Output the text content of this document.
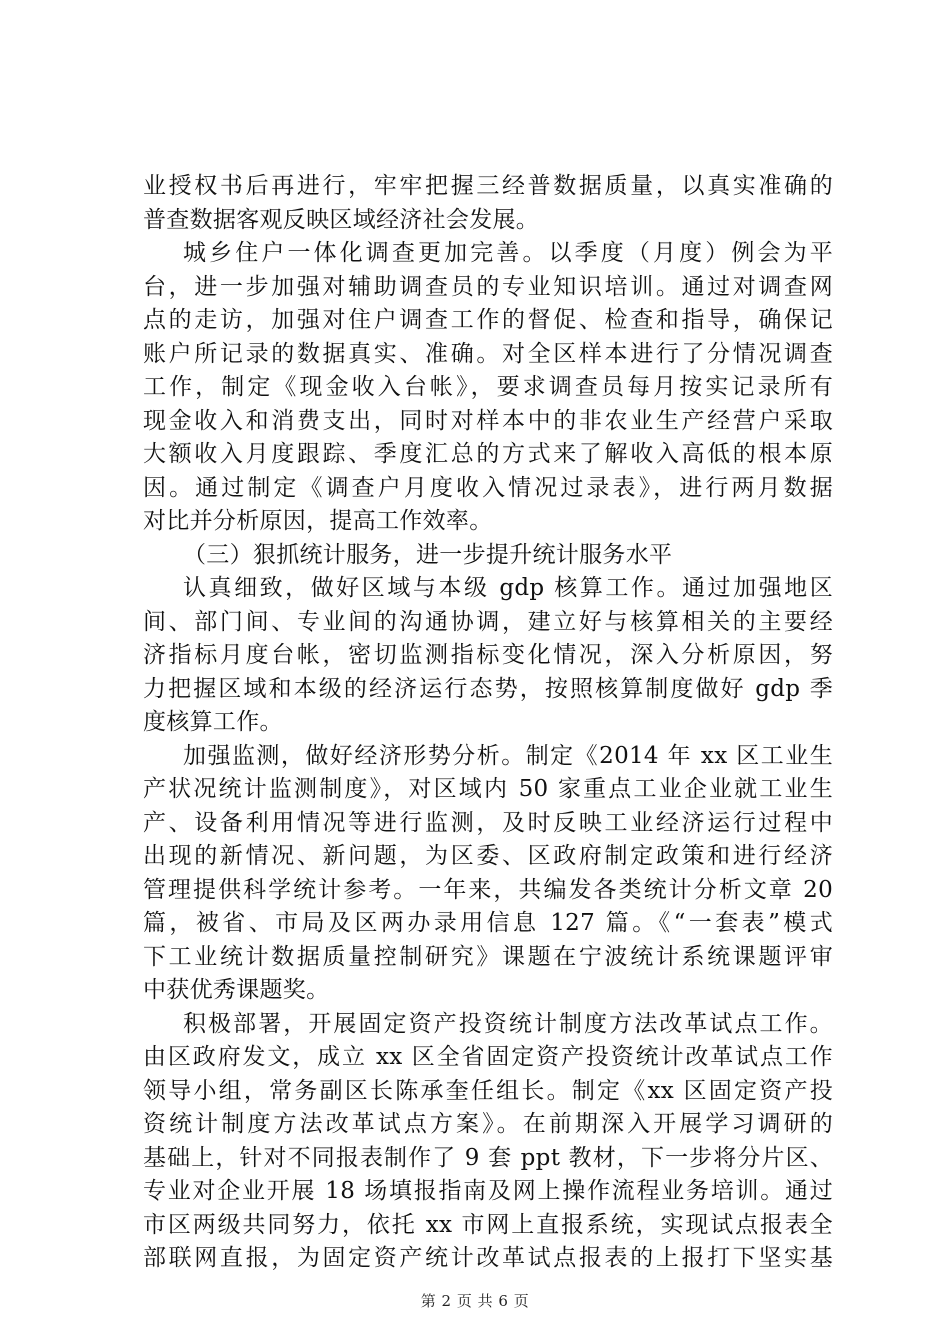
业授权书后再进行，牢牢把握三经普数据质量，以真实准确的
普查数据客观反映区域经济社会发展。
城乡住户一体化调查更加完善。以季度（月度）例会为平
台，进一步加强对辅助调查员的专业知识培训。通过对调查网
点的走访，加强对住户调查工作的督促、检查和指导，确保记
账户所记录的数据真实、准确。对全区样本进行了分情况调查
工作，制定《现金收入台帐》，要求调查员每月按实记录所有
现金收入和消费支出，同时对样本中的非农业生产经营户采取
大额收入月度跟踪、季度汇总的方式来了解收入高低的根本原
因。通过制定《调查户月度收入情况过录表》，进行两月数据
对比并分析原因，提高工作效率。
（三）狠抓统计服务，进一步提升统计服务水平
认真细致，做好区域与本级 gdp 核算工作。通过加强地区
间、部门间、专业间的沟通协调，建立好与核算相关的主要经
济指标月度台帐，密切监测指标变化情况，深入分析原因，努
力把握区域和本级的经济运行态势，按照核算制度做好 gdp 季
度核算工作。
加强监测，做好经济形势分析。制定《2014 年 xx 区工业生
产状况统计监测制度》，对区域内 50 家重点工业企业就工业生
产、设备利用情况等进行监测，及时反映工业经济运行过程中
出现的新情况、新问题，为区委、区政府制定政策和进行经济
管理提供科学统计参考。一年来，共编发各类统计分析文章 20
篇，被省、市局及区两办录用信息 127 篇。《“一套表”模式
下工业统计数据质量控制研究》课题在宁波统计系统课题评审
中获优秀课题奖。
积极部署，开展固定资产投资统计制度方法改革试点工作。
由区政府发文，成立 xx 区全省固定资产投资统计改革试点工作
领导小组，常务副区长陈承奎任组长。制定《xx 区固定资产投
资统计制度方法改革试点方案》。在前期深入开展学习调研的
基础上，针对不同报表制作了 9 套 ppt 教材，下一步将分片区、
专业对企业开展 18 场填报指南及网上操作流程业务培训。通过
市区两级共同努力，依托 xx 市网上直报系统，实现试点报表全
部联网直报，为固定资产统计改革试点报表的上报打下坚实基
第 2 页 共 6 页
